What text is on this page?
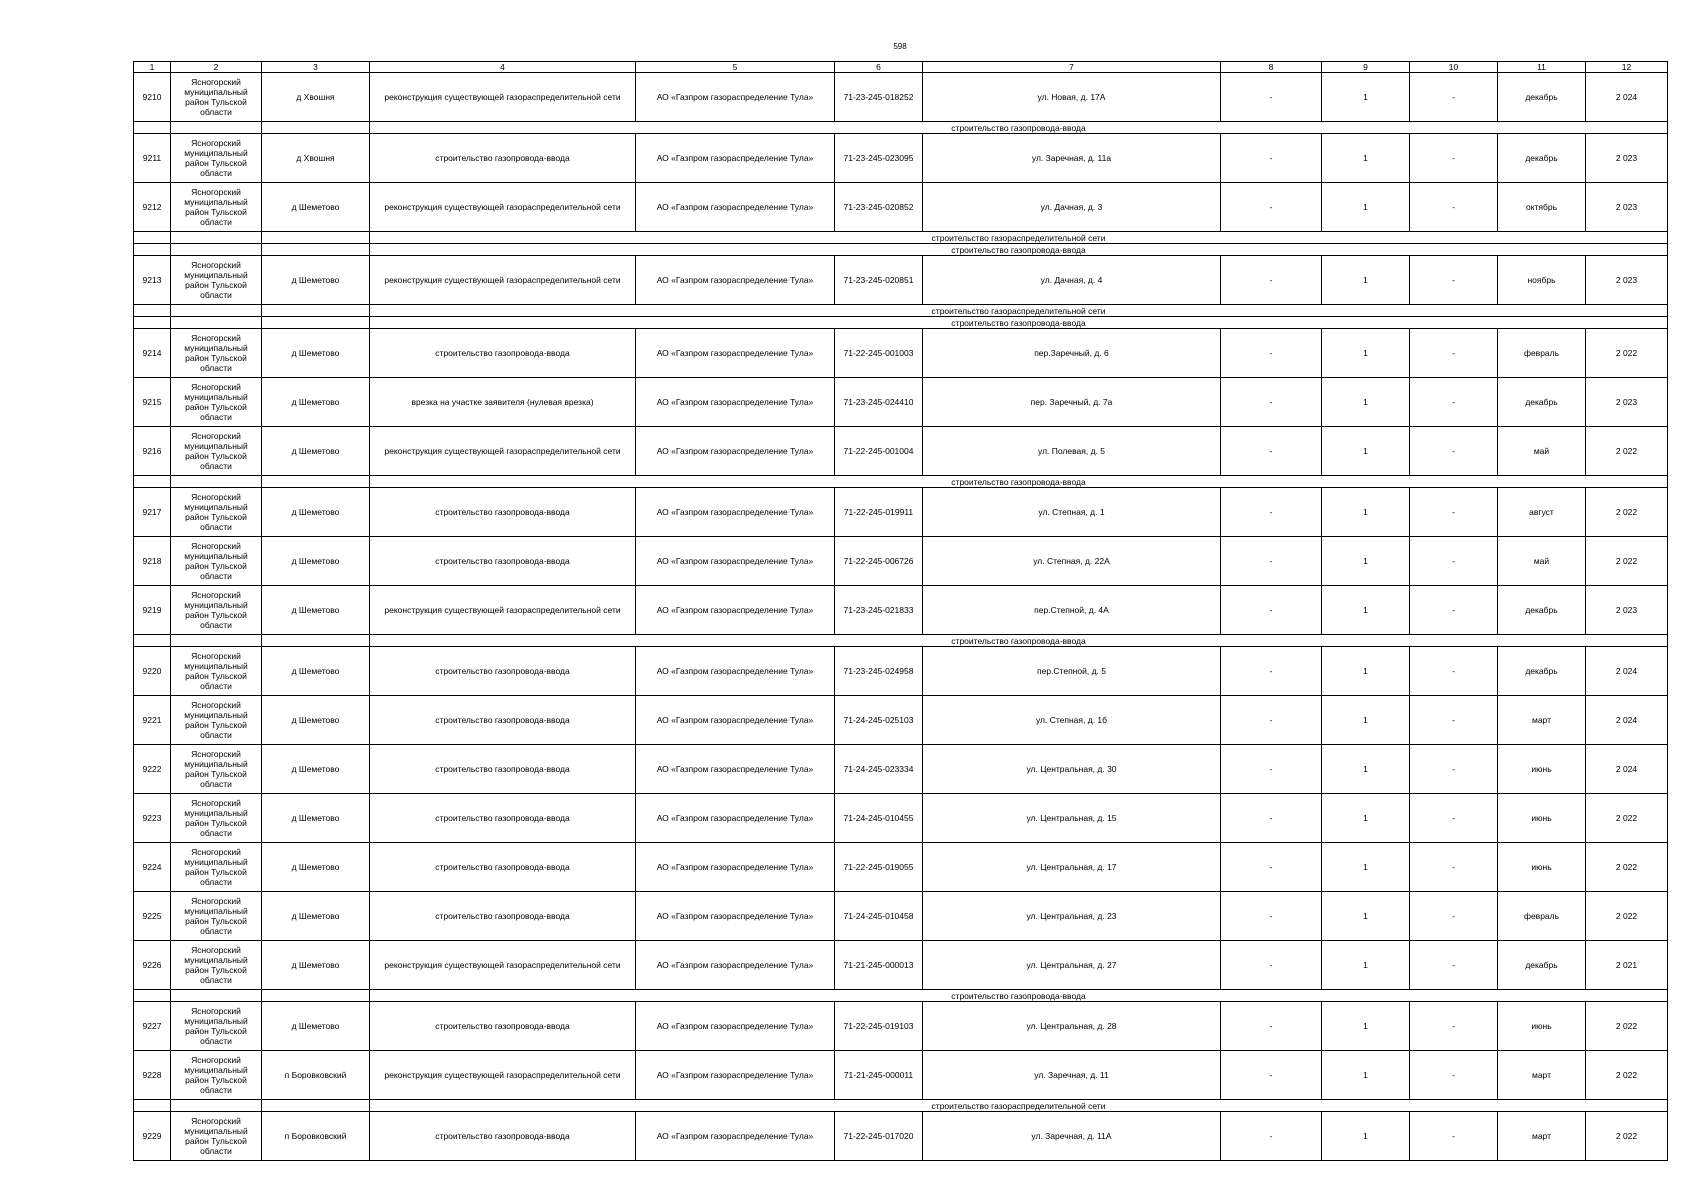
598
1	2	3	4	5	6	7	8	9	10	11	12
9210	Ясногорский муниципальный район Тульской области	д Хвошня	реконструкция существующей газораспределительной сети	АО «Газпром газораспределение Тула»	71-23-245-018252	ул. Новая, д. 17А	-	1	-	декабрь	2 024
			строительство газопровода-ввода								
9211	Ясногорский муниципальный район Тульской области	д Хвошня	строительство газопровода-ввода	АО «Газпром газораспределение Тула»	71-23-245-023095	ул. Заречная, д. 11а	-	1	-	декабрь	2 023
9212	Ясногорский муниципальный район Тульской области	д Шеметово	реконструкция существующей газораспределительной сети	АО «Газпром газораспределение Тула»	71-23-245-020852	ул. Дачная, д. 3	-	1	-	октябрь	2 023
			строительство газораспределительной сети								
			строительство газопровода-ввода								
9213	Ясногорский муниципальный район Тульской области	д Шеметово	реконструкция существующей газораспределительной сети	АО «Газпром газораспределение Тула»	71-23-245-020851	ул. Дачная, д. 4	-	1	-	ноябрь	2 023
			строительство газораспределительной сети								
			строительство газопровода-ввода								
9214	Ясногорский муниципальный район Тульской области	д Шеметово	строительство газопровода-ввода	АО «Газпром газораспределение Тула»	71-22-245-001003	пер.Заречный, д. 6	-	1	-	февраль	2 022
9215	Ясногорский муниципальный район Тульской области	д Шеметово	врезка на участке заявителя (нулевая врезка)	АО «Газпром газораспределение Тула»	71-23-245-024410	пер. Заречный, д. 7а	-	1	-	декабрь	2 023
9216	Ясногорский муниципальный район Тульской области	д Шеметово	реконструкция существующей газораспределительной сети	АО «Газпром газораспределение Тула»	71-22-245-001004	ул. Полевая, д. 5	-	1	-	май	2 022
			строительство газопровода-ввода								
9217	Ясногорский муниципальный район Тульской области	д Шеметово	строительство газопровода-ввода	АО «Газпром газораспределение Тула»	71-22-245-019911	ул. Степная, д. 1	-	1	-	август	2 022
9218	Ясногорский муниципальный район Тульской области	д Шеметово	строительство газопровода-ввода	АО «Газпром газораспределение Тула»	71-22-245-006726	ул. Степная, д. 22А	-	1	-	май	2 022
9219	Ясногорский муниципальный район Тульской области	д Шеметово	реконструкция существующей газораспределительной сети	АО «Газпром газораспределение Тула»	71-23-245-021833	пер.Степной, д. 4А	-	1	-	декабрь	2 023
			строительство газопровода-ввода								
9220	Ясногорский муниципальный район Тульской области	д Шеметово	строительство газопровода-ввода	АО «Газпром газораспределение Тула»	71-23-245-024958	пер.Степной, д. 5	-	1	-	декабрь	2 024
9221	Ясногорский муниципальный район Тульской области	д Шеметово	строительство газопровода-ввода	АО «Газпром газораспределение Тула»	71-24-245-025103	ул. Степная, д. 1б	-	1	-	март	2 024
9222	Ясногорский муниципальный район Тульской области	д Шеметово	строительство газопровода-ввода	АО «Газпром газораспределение Тула»	71-24-245-023334	ул. Центральная, д. 30	-	1	-	июнь	2 024
9223	Ясногорский муниципальный район Тульской области	д Шеметово	строительство газопровода-ввода	АО «Газпром газораспределение Тула»	71-24-245-010455	ул. Центральная, д. 15	-	1	-	июнь	2 022
9224	Ясногорский муниципальный район Тульской области	д Шеметово	строительство газопровода-ввода	АО «Газпром газораспределение Тула»	71-22-245-019055	ул. Центральная, д. 17	-	1	-	июнь	2 022
9225	Ясногорский муниципальный район Тульской области	д Шеметово	строительство газопровода-ввода	АО «Газпром газораспределение Тула»	71-24-245-010458	ул. Центральная, д. 23	-	1	-	февраль	2 022
9226	Ясногорский муниципальный район Тульской области	д Шеметово	реконструкция существующей газораспределительной сети	АО «Газпром газораспределение Тула»	71-21-245-000013	ул. Центральная, д. 27	-	1	-	декабрь	2 021
			строительство газопровода-ввода								
9227	Ясногорский муниципальный район Тульской области	д Шеметово	строительство газопровода-ввода	АО «Газпром газораспределение Тула»	71-22-245-019103	ул. Центральная, д. 28	-	1	-	июнь	2 022
9228	Ясногорский муниципальный район Тульской области	п Боровковский	реконструкция существующей газораспределительной сети	АО «Газпром газораспределение Тула»	71-21-245-000011	ул. Заречная, д. 11	-	1	-	март	2 022
			строительство газораспределительной сети								
9229	Ясногорский муниципальный район Тульской области	п Боровковский	строительство газопровода-ввода	АО «Газпром газораспределение Тула»	71-22-245-017020	ул. Заречная, д. 11А	-	1	-	март	2 022
